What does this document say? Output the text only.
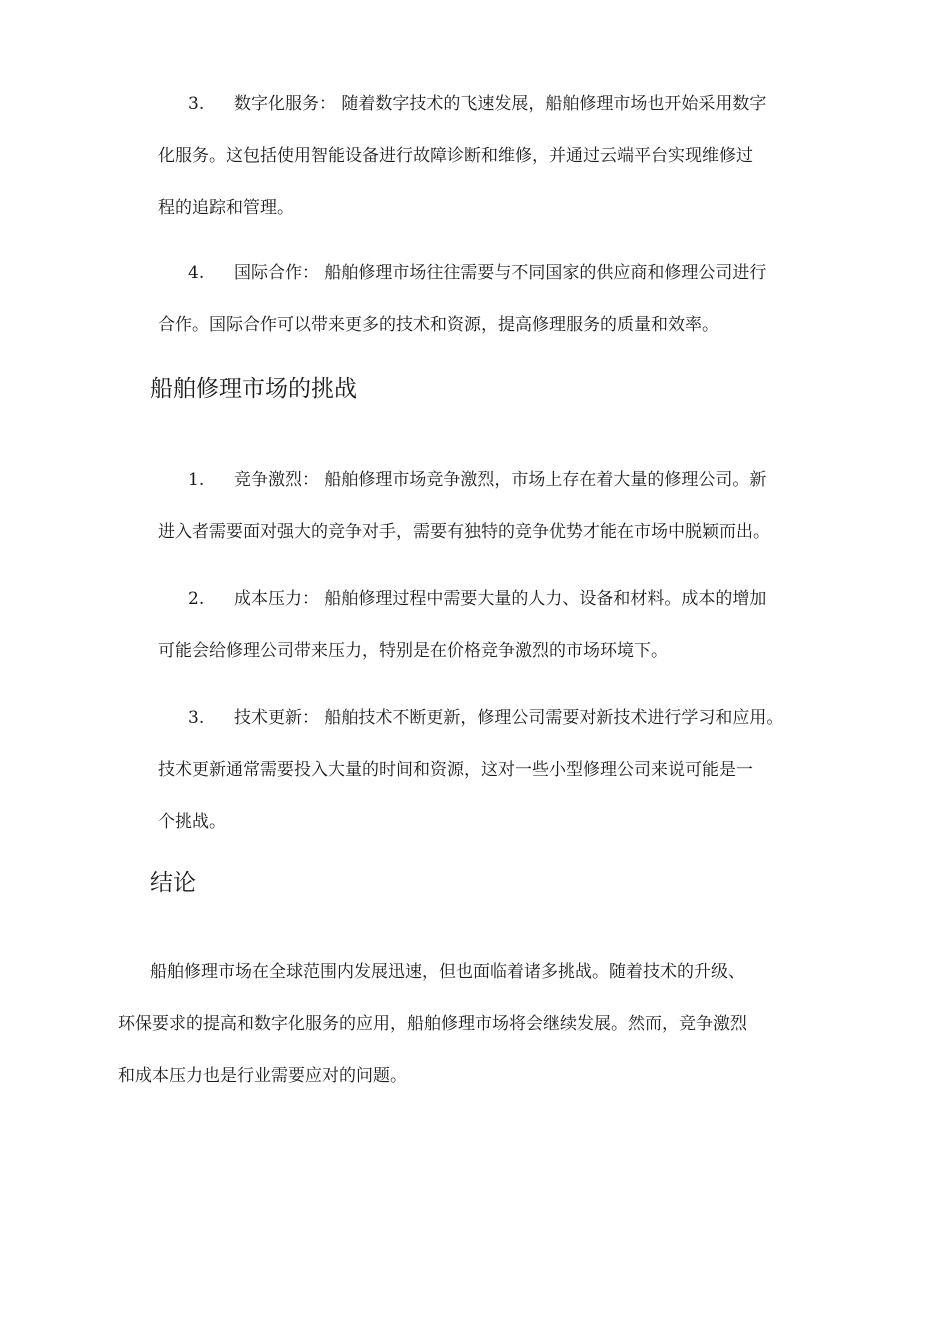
3. 数字化服务： 随着数字技术的飞速发展，船舶修理市场也开始采用数字
化服务。这包括使用智能设备进行故障诊断和维修，并通过云端平台实现维修过
程的追踪和管理。
4. 国际合作： 船舶修理市场往往需要与不同国家的供应商和修理公司进行
合作。国际合作可以带来更多的技术和资源，提高修理服务的质量和效率。
船舶修理市场的挑战
1. 竞争激烈： 船舶修理市场竞争激烈，市场上存在着大量的修理公司。新
进入者需要面对强大的竞争对手，需要有独特的竞争优势才能在市场中脱颖而出。
2. 成本压力： 船舶修理过程中需要大量的人力、设备和材料。成本的增加
可能会给修理公司带来压力，特别是在价格竞争激烈的市场环境下。
3. 技术更新： 船舶技术不断更新，修理公司需要对新技术进行学习和应用。
技术更新通常需要投入大量的时间和资源，这对一些小型修理公司来说可能是一
个挑战。
结论
船舶修理市场在全球范围内发展迅速，但也面临着诸多挑战。随着技术的升级、
环保要求的提高和数字化服务的应用，船舶修理市场将会继续发展。然而，竞争激烈
和成本压力也是行业需要应对的问题。
